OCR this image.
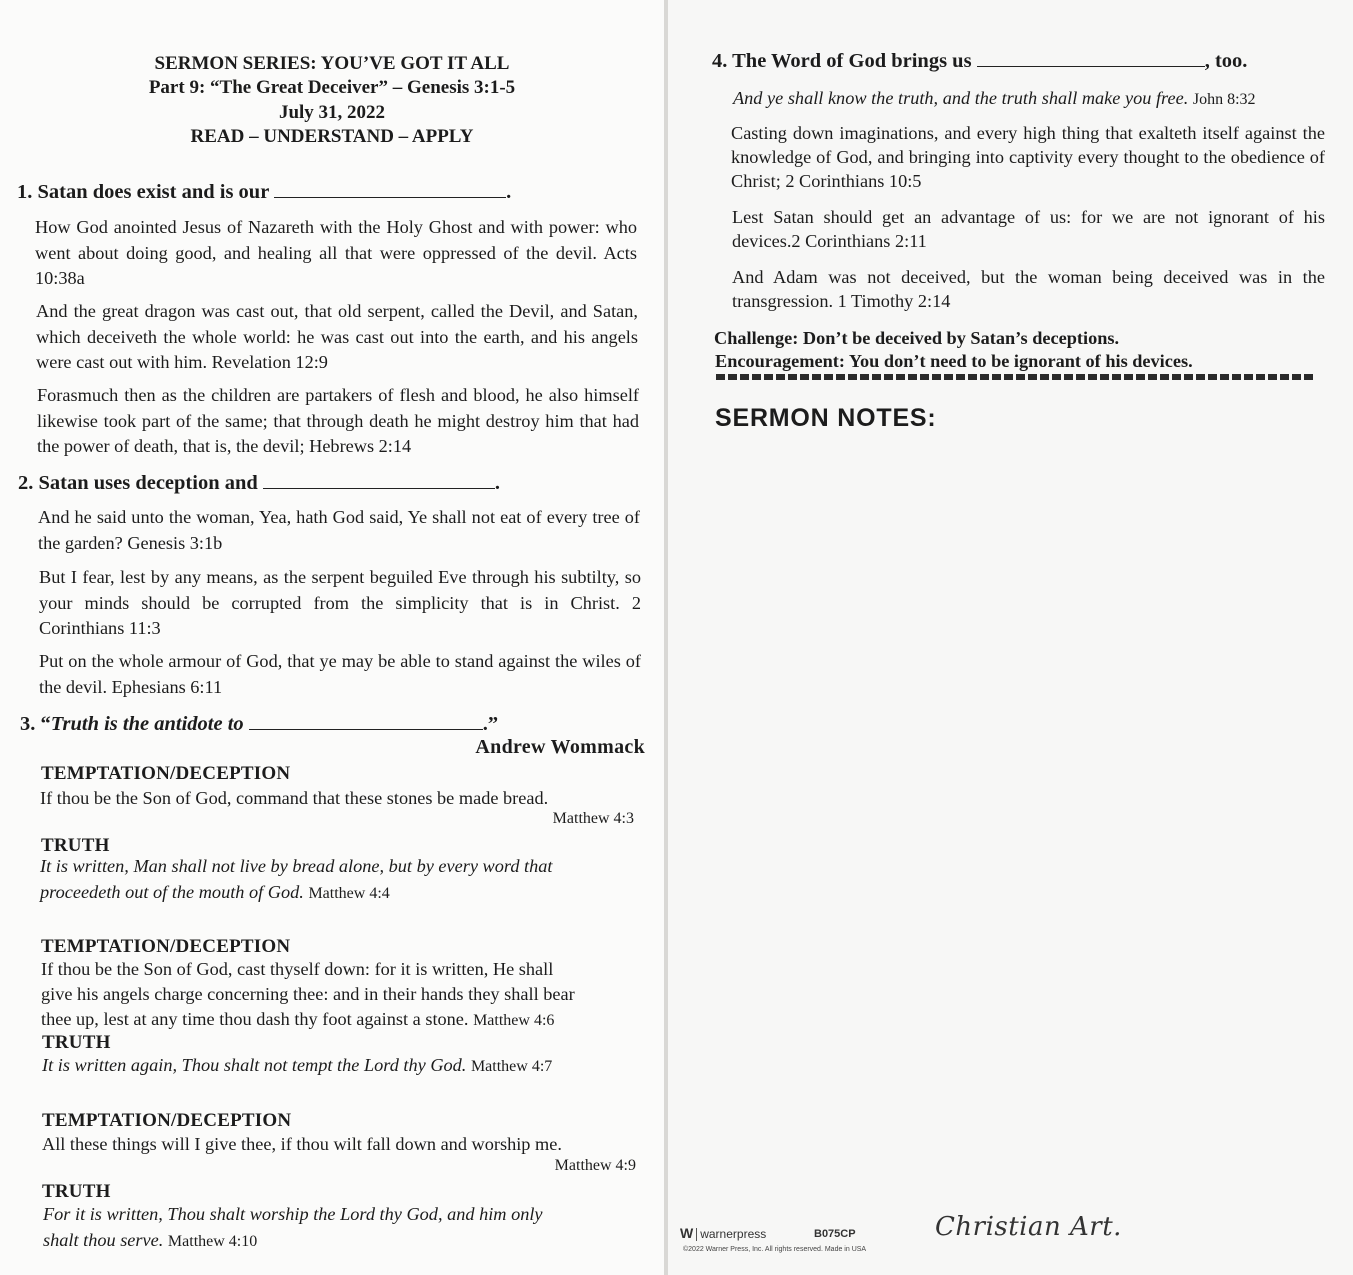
SERMON SERIES: YOU’VE GOT IT ALL
Part 9: “The Great Deceiver” – Genesis 3:1-5
July 31, 2022
READ – UNDERSTAND – APPLY
1. Satan does exist and is our	.
How God anointed Jesus of Nazareth with the Holy Ghost and with power: who went about doing good, and healing all that were oppressed of the devil. Acts 10:38a
And the great dragon was cast out, that old serpent, called the Devil, and Satan, which deceiveth the whole world: he was cast out into the earth, and his angels were cast out with him. Revelation 12:9
Forasmuch then as the children are partakers of flesh and blood, he also himself likewise took part of the same; that through death he might destroy him that had the power of death, that is, the devil; Hebrews 2:14
2. Satan uses deception and	.
And he said unto the woman, Yea, hath God said, Ye shall not eat of every tree of the garden? Genesis 3:1b
But I fear, lest by any means, as the serpent beguiled Eve through his subtilty, so your minds should be corrupted from the simplicity that is in Christ. 2 Corinthians 11:3
Put on the whole armour of God, that ye may be able to stand against the wiles of the devil. Ephesians 6:11
3. “Truth is the antidote to	.”
Andrew Wommack
TEMPTATION/DECEPTION
If thou be the Son of God, command that these stones be made bread.
Matthew 4:3
TRUTH
It is written, Man shall not live by bread alone, but by every word that
proceedeth out of the mouth of God. Matthew 4:4
TEMPTATION/DECEPTION
If thou be the Son of God, cast thyself down: for it is written, He shall
give his angels charge concerning thee: and in their hands they shall bear
thee up, lest at any time thou dash thy foot against a stone. Matthew 4:6
TRUTH
It is written again, Thou shalt not tempt the Lord thy God. Matthew 4:7
TEMPTATION/DECEPTION
All these things will I give thee, if thou wilt fall down and worship me.
Matthew 4:9
TRUTH
For it is written, Thou shalt worship the Lord thy God, and him only
shalt thou serve. Matthew 4:10
4. The Word of God brings us	, too.
And ye shall know the truth, and the truth shall make you free. John 8:32
Casting down imaginations, and every high thing that exalteth itself against the knowledge of God, and bringing into captivity every thought to the obedience of Christ; 2 Corinthians 10:5
Lest Satan should get an advantage of us: for we are not ignorant of his devices.2 Corinthians 2:11
And Adam was not deceived, but the woman being deceived was in the transgression. 1 Timothy 2:14
Challenge: Don’t be deceived by Satan’s deceptions.
Encouragement: You don’t need to be ignorant of his devices.
SERMON NOTES:
W warnerpress	B075CP
©2022 Warner Press, Inc. All rights reserved. Made in USA
Christian Art.
